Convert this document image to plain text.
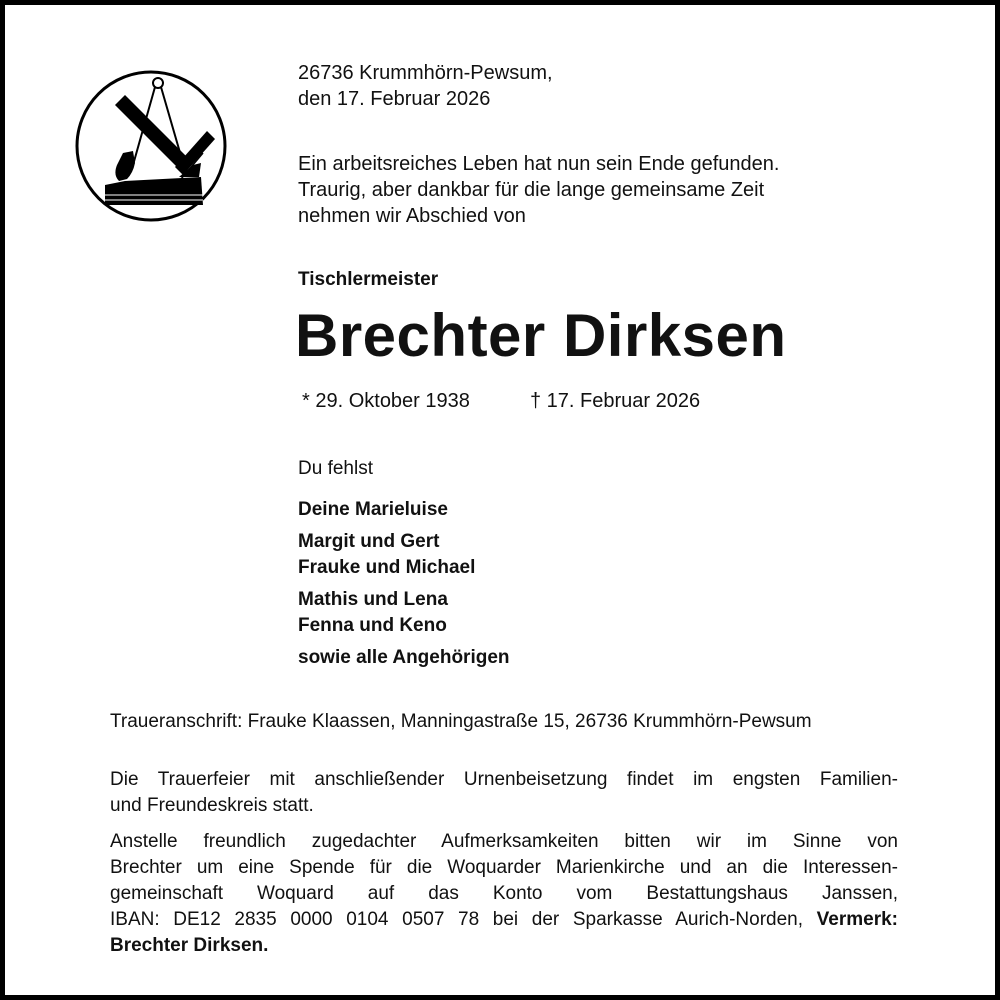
26736 Krummhörn-Pewsum,
den 17. Februar 2026
Ein arbeitsreiches Leben hat nun sein Ende gefunden.
Traurig, aber dankbar für die lange gemeinsame Zeit
nehmen wir Abschied von
Tischlermeister
Brechter Dirksen
* 29. Oktober 1938	† 17. Februar 2026
Du fehlst
Deine Marieluise
Margit und Gert
Frauke und Michael
Mathis und Lena
Fenna und Keno
sowie alle Angehörigen
Traueranschrift: Frauke Klaassen, Manningastraße 15, 26736 Krummhörn-Pewsum
Die Trauerfeier mit anschließender Urnenbeisetzung findet im engsten Familien-
und Freundeskreis statt.
Anstelle freundlich zugedachter Aufmerksamkeiten bitten wir im Sinne von
Brechter um eine Spende für die Woquarder Marienkirche und an die Interessen-
gemeinschaft Woquard auf das Konto vom Bestattungshaus Janssen,
IBAN: DE12 2835 0000 0104 0507 78 bei der Sparkasse Aurich-Norden, Vermerk:
Brechter Dirksen.
